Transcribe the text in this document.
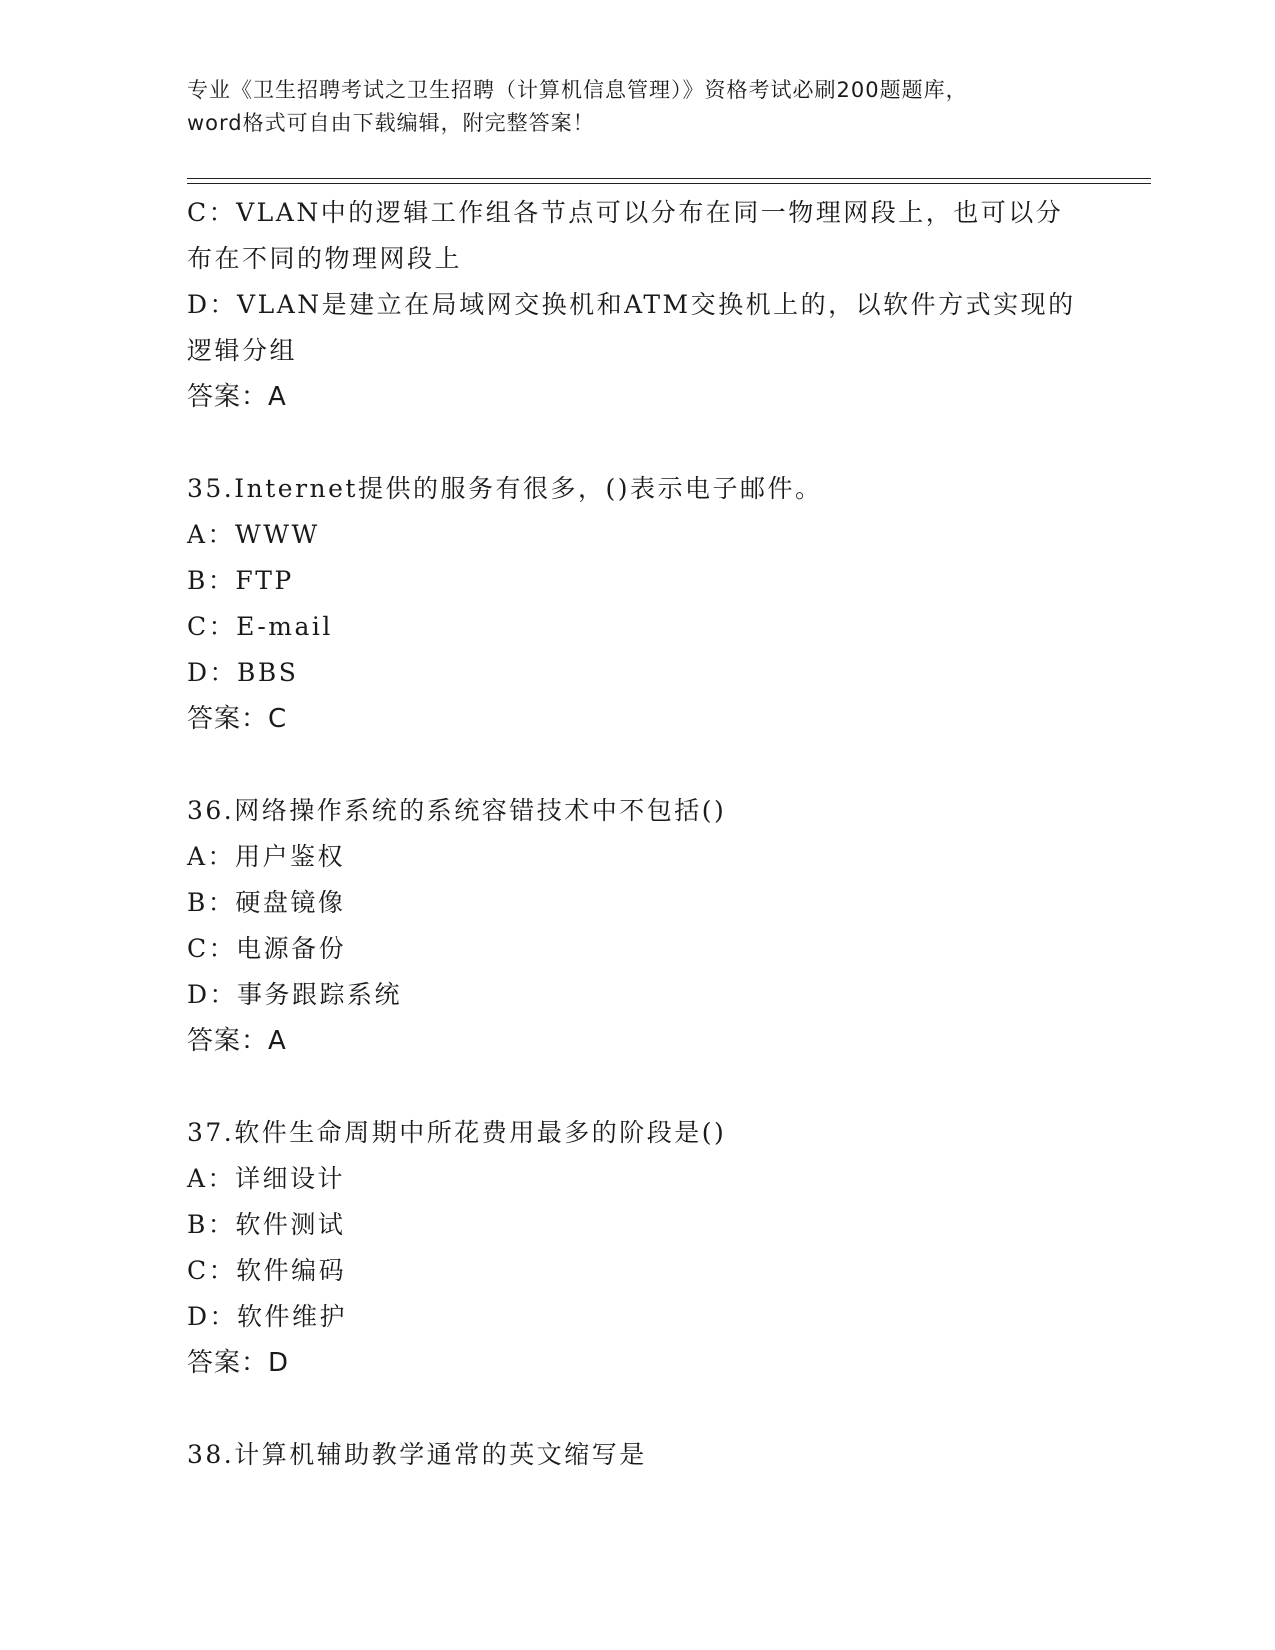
专业《卫生招聘考试之卫生招聘（计算机信息管理）》资格考试必刷200题题库，
word格式可自由下载编辑，附完整答案！
C：VLAN中的逻辑工作组各节点可以分布在同一物理网段上，也可以分
布在不同的物理网段上
D：VLAN是建立在局域网交换机和ATM交换机上的，以软件方式实现的
逻辑分组
答案：A
35.Internet提供的服务有很多，()表示电子邮件。
A：WWW
B：FTP
C：E-mail
D：BBS
答案：C
36.网络操作系统的系统容错技术中不包括()
A：用户鉴权
B：硬盘镜像
C：电源备份
D：事务跟踪系统
答案：A
37.软件生命周期中所花费用最多的阶段是()
A：详细设计
B：软件测试
C：软件编码
D：软件维护
答案：D
38.计算机辅助教学通常的英文缩写是
